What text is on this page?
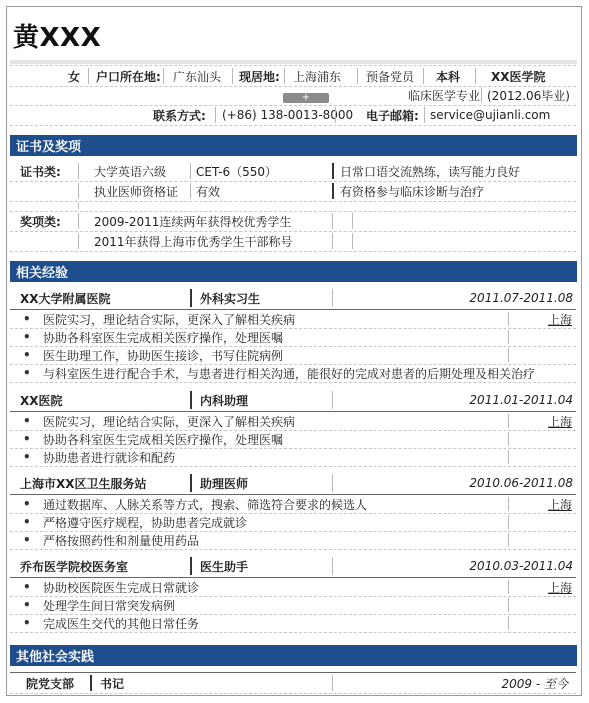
黄XXX
女 户口所在地: 广东汕头 现居地: 上海浦东 预备党员 本科	XX医学院
+	临床医学专业 (2012.06毕业)
联系方式: (+86) 138-0013-8000 电子邮箱: service@ujianli.com
证书及奖项
证书类:	大学英语六级 CET-6（550）	日常口语交流熟练，读写能力良好
执业医师资格证 有效	有资格参与临床诊断与治疗
奖项类:	2009-2011连续两年获得校优秀学生
2011年获得上海市优秀学生干部称号
相关经验
XX大学附属医院	外科实习生	2011.07-2011.08
•	医院实习，理论结合实际，更深入了解相关疾病	上海
•	协助各科室医生完成相关医疗操作，处理医嘱
•	医生助理工作，协助医生接诊，书写住院病例
•	与科室医生进行配合手术，与患者进行相关沟通，能很好的完成对患者的后期处理及相关治疗
XX医院	内科助理	2011.01-2011.04
•	医院实习，理论结合实际，更深入了解相关疾病	上海
•	协助各科室医生完成相关医疗操作，处理医嘱
•	协助患者进行就诊和配药
上海市XX区卫生服务站	助理医师	2010.06-2011.08
•	通过数据库、人脉关系等方式，搜索、筛选符合要求的候选人	上海
•	严格遵守医疗规程，协助患者完成就诊
•	严格按照药性和剂量使用药品
乔布医学院校医务室	医生助手	2010.03-2011.04
•	协助校医院医生完成日常就诊	上海
•	处理学生间日常突发病例
•	完成医生交代的其他日常任务
其他社会实践
院党支部 书记	2009 - 至今
